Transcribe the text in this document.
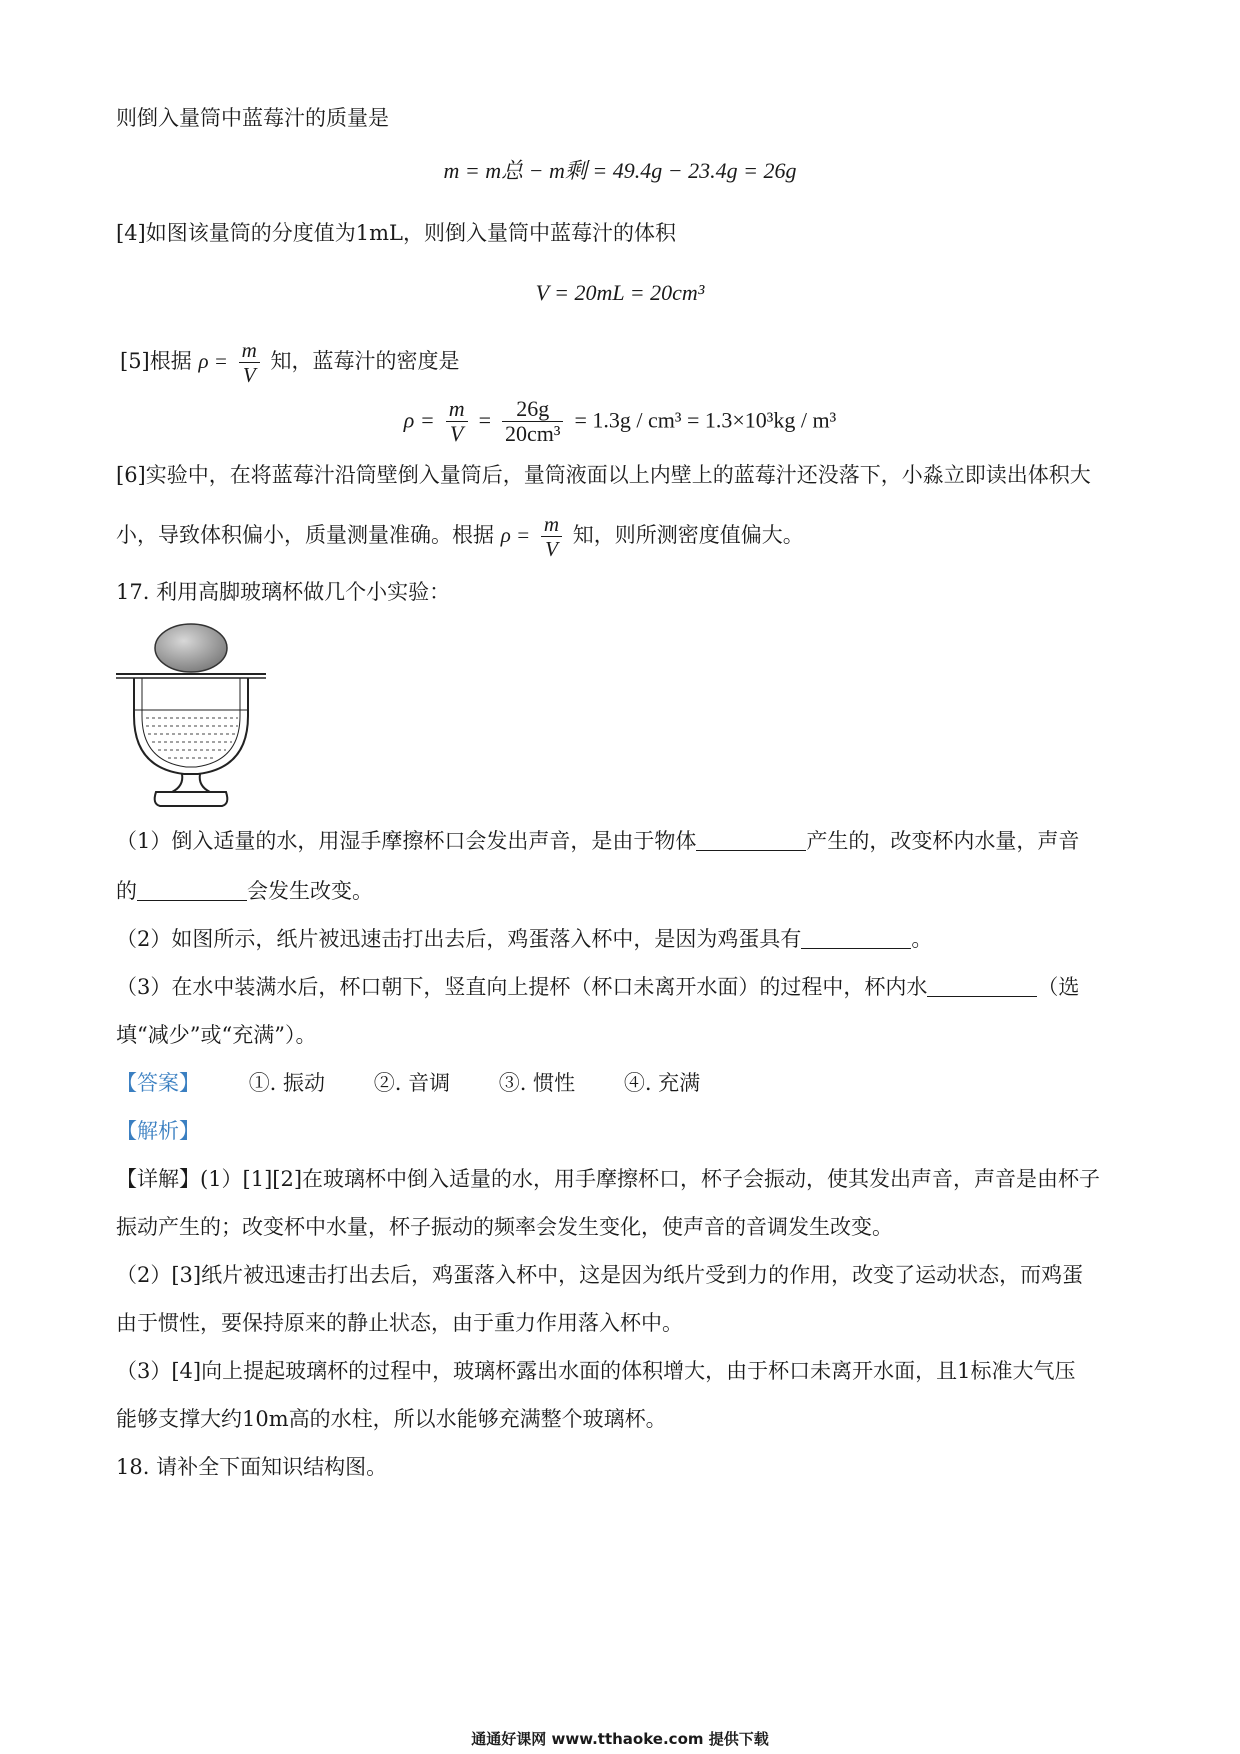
则倒入量筒中蓝莓汁的质量是
m = m总 − m剩 = 49.4g − 23.4g = 26g
[4]如图该量筒的分度值为1mL，则倒入量筒中蓝莓汁的体积
V = 20mL = 20cm³
[5]根据 $\rho = \frac{m}{V}$ 知，蓝莓汁的密度是
$\rho = \frac{m}{V} = \frac{26g}{\text{20cm³}} = 1.3g / cm^3 = 1.3\times 10^3kg / m^3$
[6]实验中，在将蓝莓汁沿筒壁倒入量筒后，量筒液面以上内壁上的蓝莓汁还没落下，小淼立即读出体积大
小，导致体积偏小，质量测量准确。根据 $\rho = \frac{m}{V}$ 知，则所测密度值偏大。
17. 利用高脚玻璃杯做几个小实验：
（1）倒入适量的水，用湿手摩擦杯口会发出声音，是由于物体	产生的，改变杯内水量，声音
的	会发生改变。
（2）如图所示，纸片被迅速击打出去后，鸡蛋落入杯中，是因为鸡蛋具有	。
（3）在水中装满水后，杯口朝下，竖直向上提杯（杯口未离开水面）的过程中，杯内水	（选
填“减少”或“充满”）。
【答案】 ①. 振动 ②. 音调 ③. 惯性 ④. 充满
【解析】
【详解】(1）[1][2]在玻璃杯中倒入适量的水，用手摩擦杯口，杯子会振动，使其发出声音，声音是由杯子
振动产生的；改变杯中水量，杯子振动的频率会发生变化，使声音的音调发生改变。
（2）[3]纸片被迅速击打出去后，鸡蛋落入杯中，这是因为纸片受到力的作用，改变了运动状态，而鸡蛋
由于惯性，要保持原来的静止状态，由于重力作用落入杯中。
（3）[4]向上提起玻璃杯的过程中，玻璃杯露出水面的体积增大，由于杯口未离开水面，且1标准大气压
能够支撑大约10m高的水柱，所以水能够充满整个玻璃杯。
18. 请补全下面知识结构图。
通通好课网 www.tthaoke.com 提供下载
